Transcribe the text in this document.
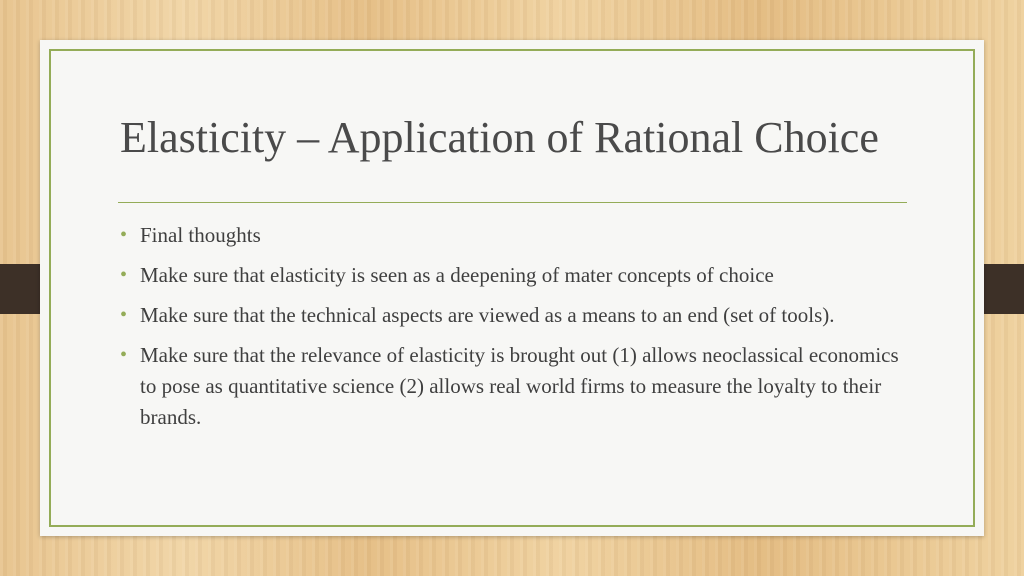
Elasticity – Application of Rational Choice
• Final thoughts
• Make sure that elasticity is seen as a deepening of mater concepts of choice
• Make sure that the technical aspects are viewed as a means to an end (set of tools).
• Make sure that the relevance of elasticity is brought out (1) allows neoclassical economics to pose as quantitative science (2) allows real world firms to measure the loyalty to their brands.
